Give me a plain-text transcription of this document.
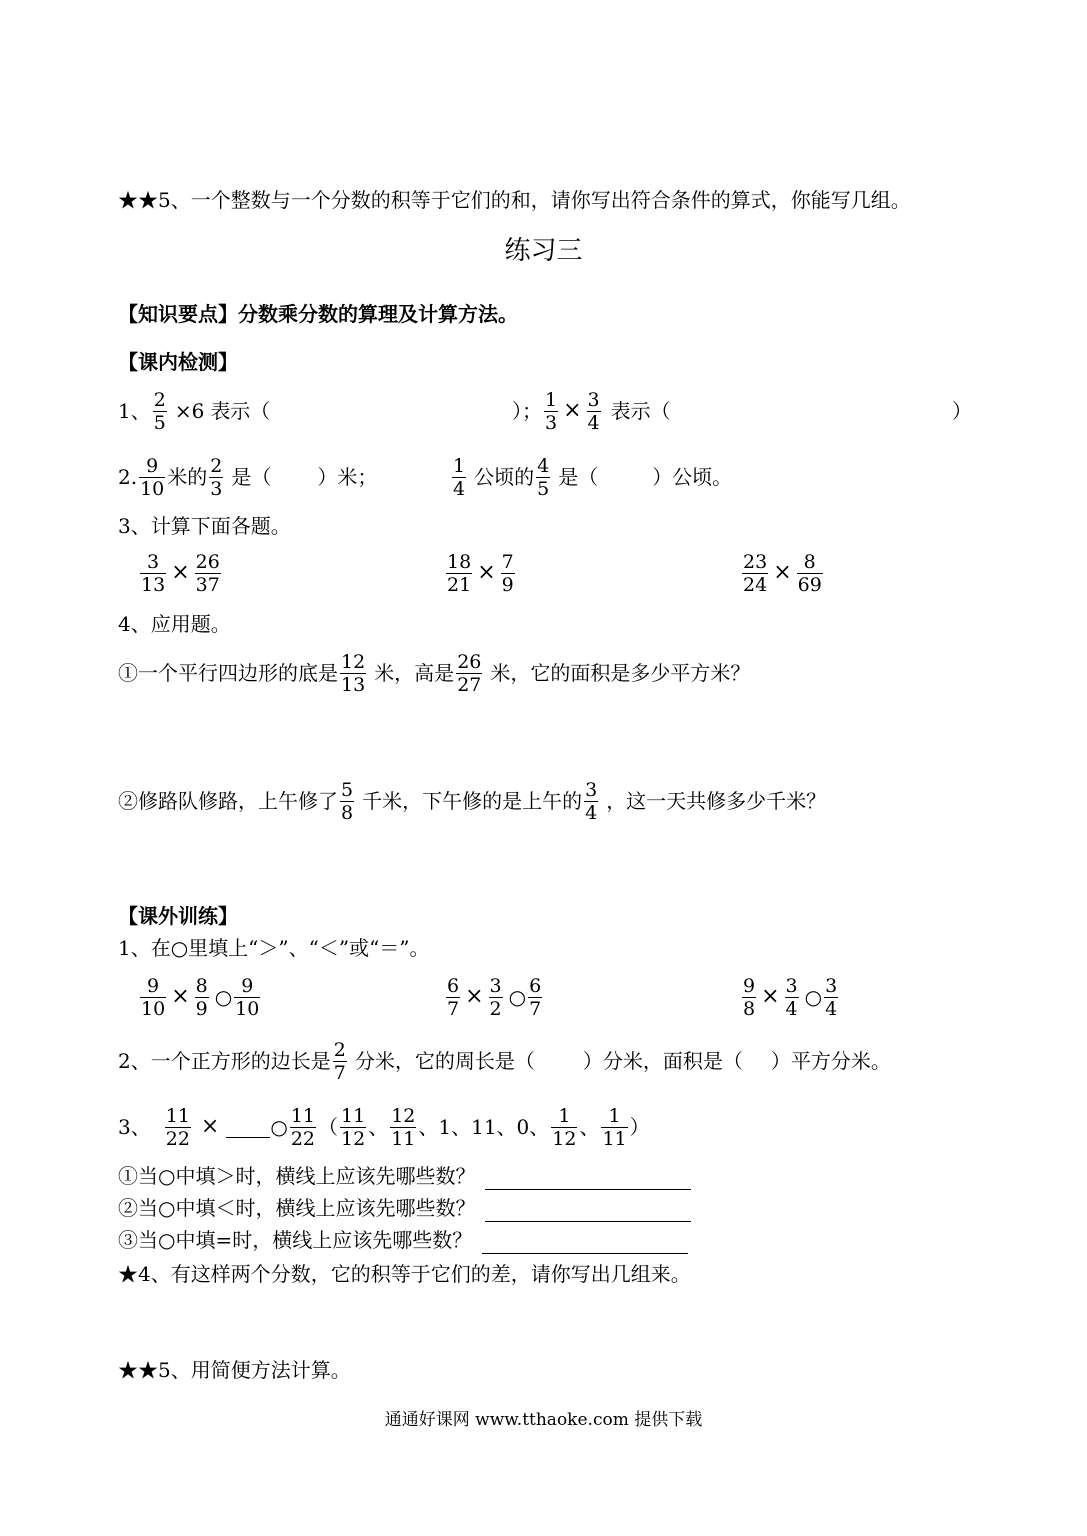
★★5、一个整数与一个分数的积等于它们的和，请你写出符合条件的算式，你能写几组。
练习三
【知识要点】分数乘分数的算理及计算方法。
【课内检测】
1、 $\frac{2}{5} \times 6$ 表示（	）； $\frac{1}{3} \times \frac{3}{4}$ 表示（	）
2. $\frac{9}{10}$ 米的 $\frac{2}{3}$ 是（ ）米；	$\frac{1}{4}$ 公顷的 $\frac{4}{5}$ 是（	）公顷。
3、计算下面各题。
$\frac{3}{13} \times \frac{26}{37}$	$\frac{18}{21} \times \frac{7}{9}$	$\frac{23}{24} \times \frac{8}{69}$
4、应用题。
①一个平行四边形的底是 $\frac{12}{13}$ 米，高是 $\frac{26}{27}$ 米，它的面积是多少平方米？
②修路队修路，上午修了 $\frac{5}{8}$ 千米，下午修的是上午的 $\frac{3}{4}$ ，这一天共修多少千米？
【课外训练】
1、在○里填上“＞”、“＜”或“＝”。
$\frac{9}{10} \times \frac{8}{9}$ ○ $\frac{9}{10}$	$\frac{6}{7} \times \frac{3}{2}$ ○ $\frac{6}{7}$	$\frac{9}{8} \times \frac{3}{4}$ ○ $\frac{3}{4}$
2、一个正方形的边长是 $\frac{2}{7}$ 分米，它的周长是（ ）分米，面积是（ ）平方分米。
3、 $\frac{11}{22}$ ×	○ $\frac{11}{22}$ （ $\frac{11}{12}$ 、 $\frac{12}{11}$ 、1、11、0、 $\frac{1}{12}$ 、 $\frac{1}{11}$ ）
①当○中填＞时，横线上应该先哪些数？
②当○中填＜时，横线上应该先哪些数？
③当○中填=时，横线上应该先哪些数？
★4、有这样两个分数，它的积等于它们的差，请你写出几组来。
★★5、用简便方法计算。
通通好课网 www.tthaoke.com 提供下载
